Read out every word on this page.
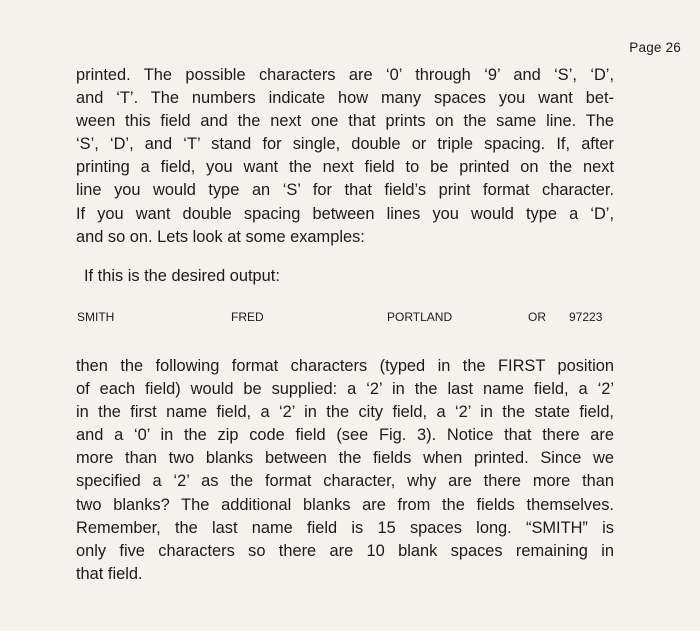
Page 26

printed. The possible characters are ‘0’ through ‘9’ and ‘S’, ‘D’,
and ‘T’. The numbers indicate how many spaces you want bet-
ween this field and the next one that prints on the same line. The
‘S’, ‘D’, and ‘T’ stand for single, double or triple spacing. If, after
printing a field, you want the next field to be printed on the next
line you would type an ‘S’ for that field’s print format character.
If you want double spacing between lines you would type a ‘D’,
and so on. Lets look at some examples:

If this is the desired output:

SMITH	FRED	PORTLAND	OR 97223

then the following format characters (typed in the FIRST position
of each field) would be supplied: a ‘2’ in the last name field, a ‘2’
in the first name field, a ‘2’ in the city field, a ‘2’ in the state field,
and a ‘0’ in the zip code field (see Fig. 3). Notice that there are
more than two blanks between the fields when printed. Since we
specified a ‘2’ as the format character, why are there more than
two blanks? The additional blanks are from the fields themselves.
Remember, the last name field is 15 spaces long. “SMITH” is
only five characters so there are 10 blank spaces remaining in
that field.
